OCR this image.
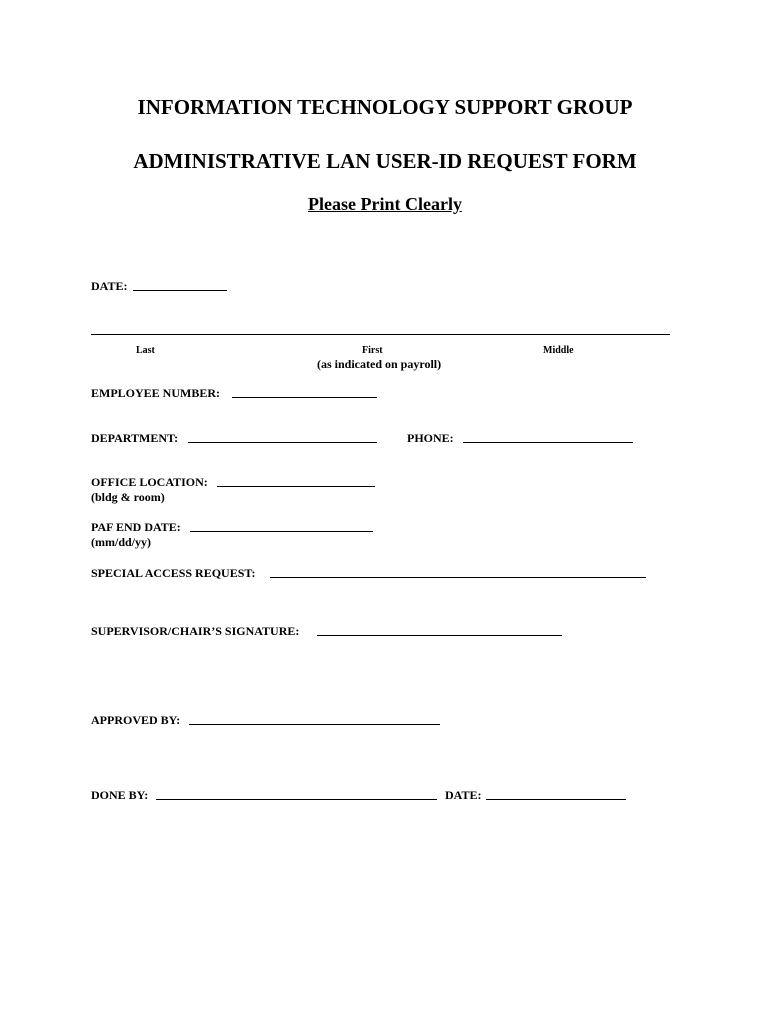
INFORMATION TECHNOLOGY SUPPORT GROUP
ADMINISTRATIVE LAN USER-ID REQUEST FORM
Please Print Clearly
DATE:
Last	First	Middle
(as indicated on payroll)
EMPLOYEE NUMBER:
DEPARTMENT:	PHONE:
OFFICE LOCATION:
(bldg & room)
PAF END DATE:
(mm/dd/yy)
SPECIAL ACCESS REQUEST:
SUPERVISOR/CHAIR’S SIGNATURE:
APPROVED BY:
DONE BY:	DATE:
